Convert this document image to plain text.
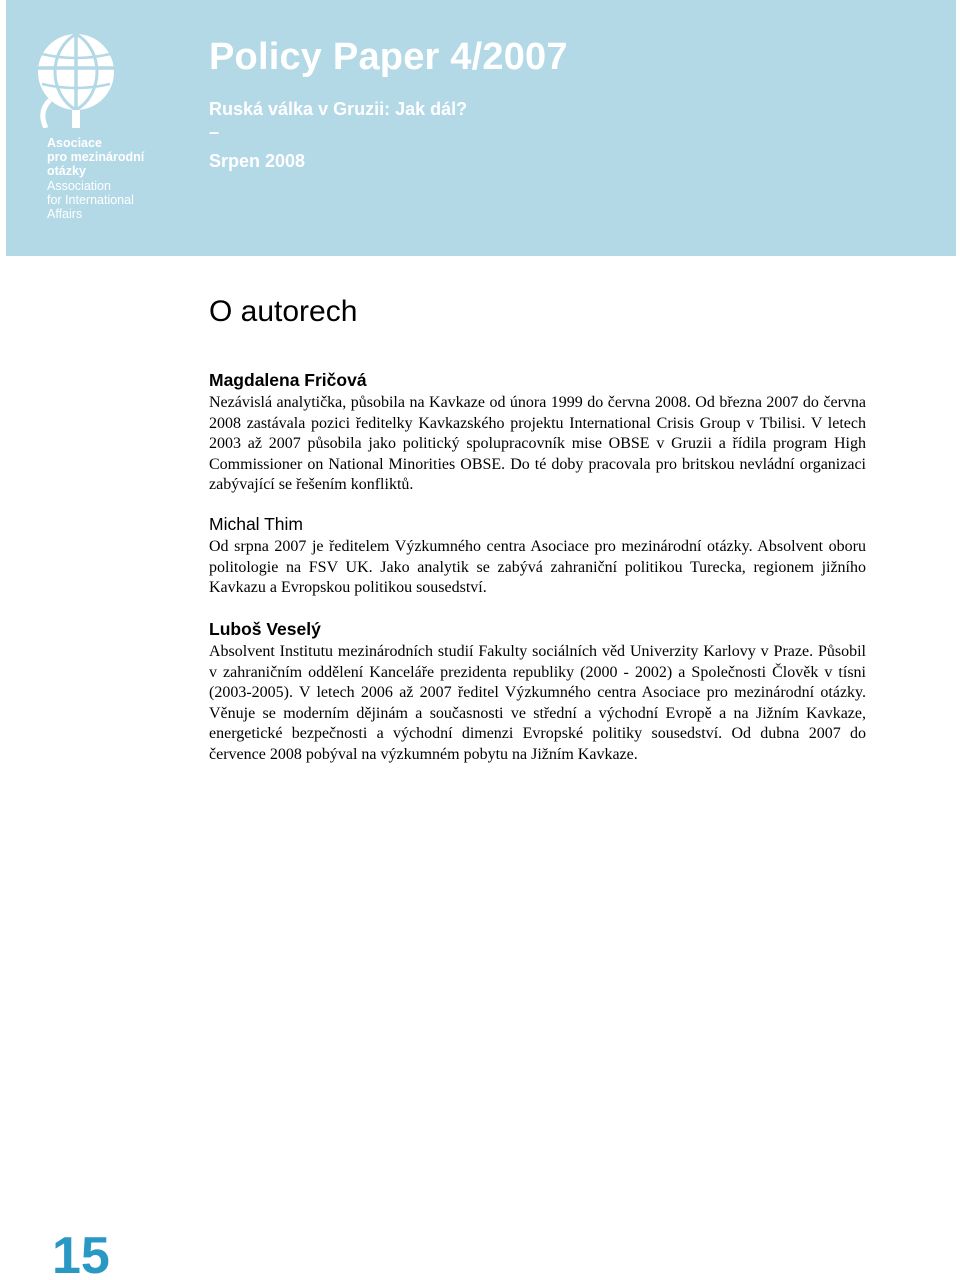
Asociace
pro mezinárodní
otázky
Association
for International
Affairs
Policy Paper 4/2007
Ruská válka v Gruzii: Jak dál?
–
Srpen 2008
O autorech
Magdalena Fričová

Nezávislá analytička, působila na Kavkaze od února 1999 do června 2008. Od března 2007 do června 2008 zastávala pozici ředitelky Kavkazského projektu International Crisis Group v Tbilisi. V letech 2003 až 2007 působila jako politický spolupracovník mise OBSE v Gruzii a řídila program High Commissioner on National Minorities OBSE. Do té doby pracovala pro britskou nevládní organizaci zabývající se řešením konfliktů.

Michal Thim

Od srpna 2007 je ředitelem Výzkumného centra Asociace pro mezinárodní otázky. Absolvent oboru politologie na FSV UK. Jako analytik se zabývá zahraniční politikou Turecka, regionem jižního Kavkazu a Evropskou politikou sousedství.

Luboš Veselý

Absolvent Institutu mezinárodních studií Fakulty sociálních věd Univerzity Karlovy v Praze. Působil v zahraničním oddělení Kanceláře prezidenta republiky (2000 - 2002) a Společnosti Člověk v tísni (2003-2005). V letech 2006 až 2007 ředitel Výzkumného centra Asociace pro mezinárodní otázky. Věnuje se moderním dějinám a současnosti ve střední a východní Evropě a na Jižním Kavkaze, energetické bezpečnosti a východní dimenzi Evropské politiky sousedství. Od dubna 2007 do července 2008 pobýval na výzkumném pobytu na Jižním Kavkaze.

15
